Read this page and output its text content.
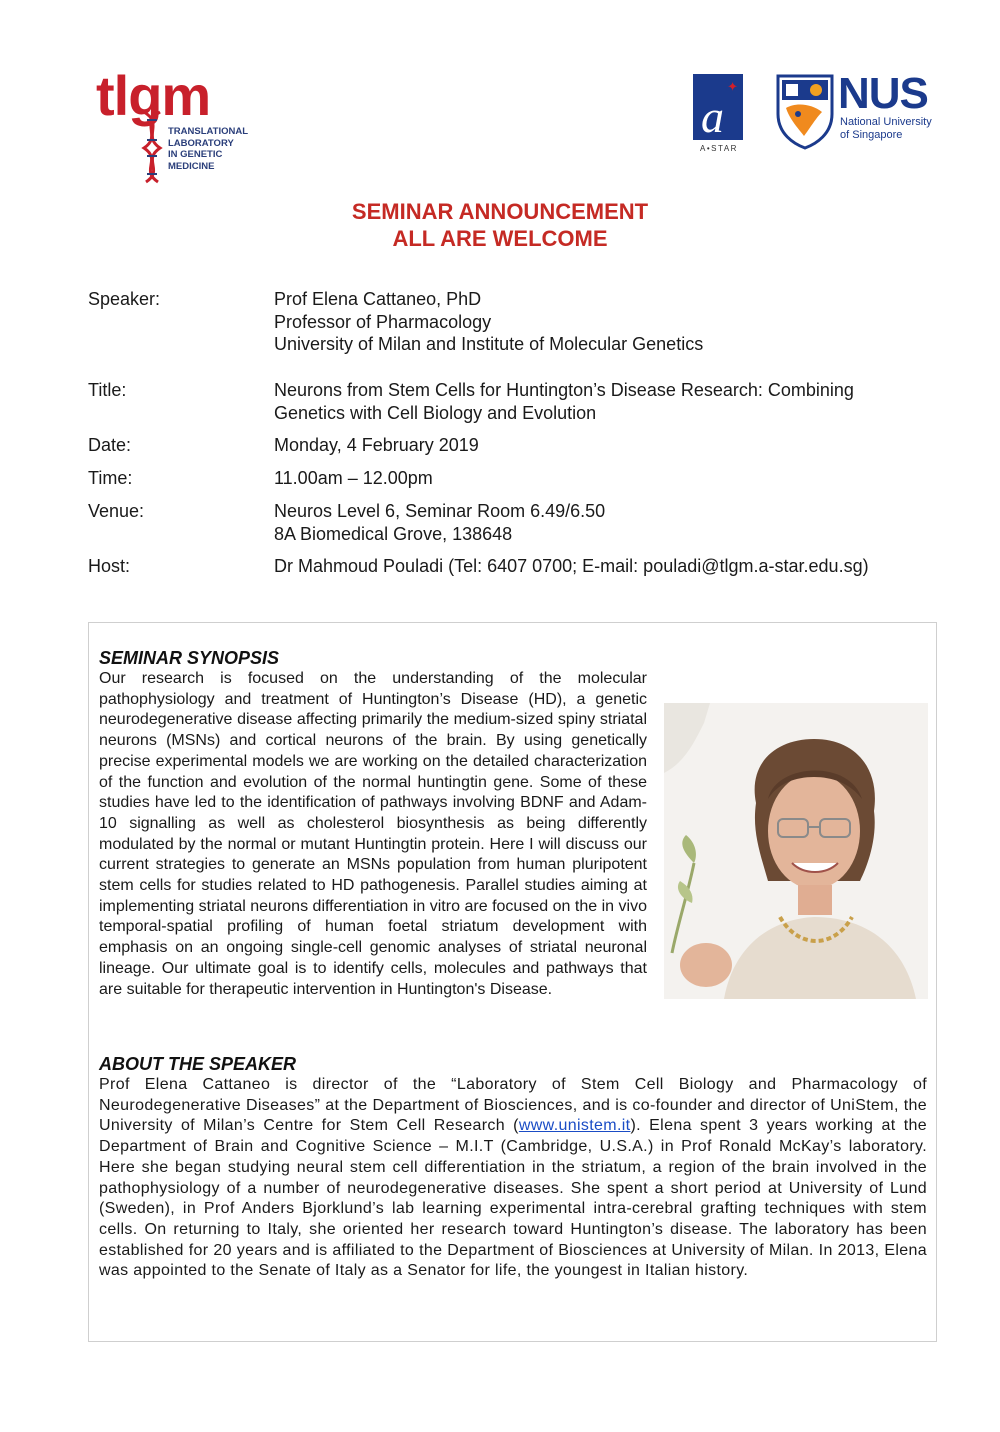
tlgm
TRANSLATIONAL
LABORATORY
IN GENETIC
MEDICINE
✦
a
A•STAR
NUS
National University
of Singapore
SEMINAR ANNOUNCEMENT
ALL ARE WELCOME
Speaker:	Prof Elena Cattaneo, PhD
Professor of Pharmacology
University of Milan and Institute of Molecular Genetics
Title:	Neurons from Stem Cells for Huntington’s Disease Research: Combining
Genetics with Cell Biology and Evolution
Date:	Monday, 4 February 2019
Time:	11.00am – 12.00pm
Venue:	Neuros Level 6, Seminar Room 6.49/6.50
8A Biomedical Grove, 138648
Host:	Dr Mahmoud Pouladi (Tel: 6407 0700; E-mail: pouladi@tlgm.a-star.edu.sg)
SEMINAR SYNOPSIS
Our research is focused on the understanding of the molecular pathophysiology and treatment of Huntington’s Disease (HD), a genetic neurodegenerative disease affecting primarily the medium-sized spiny striatal neurons (MSNs) and cortical neurons of the brain. By using genetically precise experimental models we are working on the detailed characterization of the function and evolution of the normal huntingtin gene. Some of these studies have led to the identification of pathways involving BDNF and Adam-10 signalling as well as cholesterol biosynthesis as being differently modulated by the normal or mutant Huntingtin protein. Here I will discuss our current strategies to generate an MSNs population from human pluripotent stem cells for studies related to HD pathogenesis. Parallel studies aiming at implementing striatal neurons differentiation in vitro are focused on the in vivo temporal-spatial profiling of human foetal striatum development with emphasis on an ongoing single-cell genomic analyses of striatal neuronal lineage. Our ultimate goal is to identify cells, molecules and pathways that are suitable for therapeutic intervention in Huntington's Disease.
ABOUT THE SPEAKER
Prof Elena Cattaneo is director of the “Laboratory of Stem Cell Biology and Pharmacology of Neurodegenerative Diseases” at the Department of Biosciences, and is co-founder and director of UniStem, the University of Milan’s Centre for Stem Cell Research (www.unistem.it). Elena spent 3 years working at the Department of Brain and Cognitive Science – M.I.T (Cambridge, U.S.A.) in Prof Ronald McKay’s laboratory. Here she began studying neural stem cell differentiation in the striatum, a region of the brain involved in the pathophysiology of a number of neurodegenerative diseases. She spent a short period at University of Lund (Sweden), in Prof Anders Bjorklund’s lab learning experimental intra-cerebral grafting techniques with stem cells. On returning to Italy, she oriented her research toward Huntington’s disease. The laboratory has been established for 20 years and is affiliated to the Department of Biosciences at University of Milan. In 2013, Elena was appointed to the Senate of Italy as a Senator for life, the youngest in Italian history.
